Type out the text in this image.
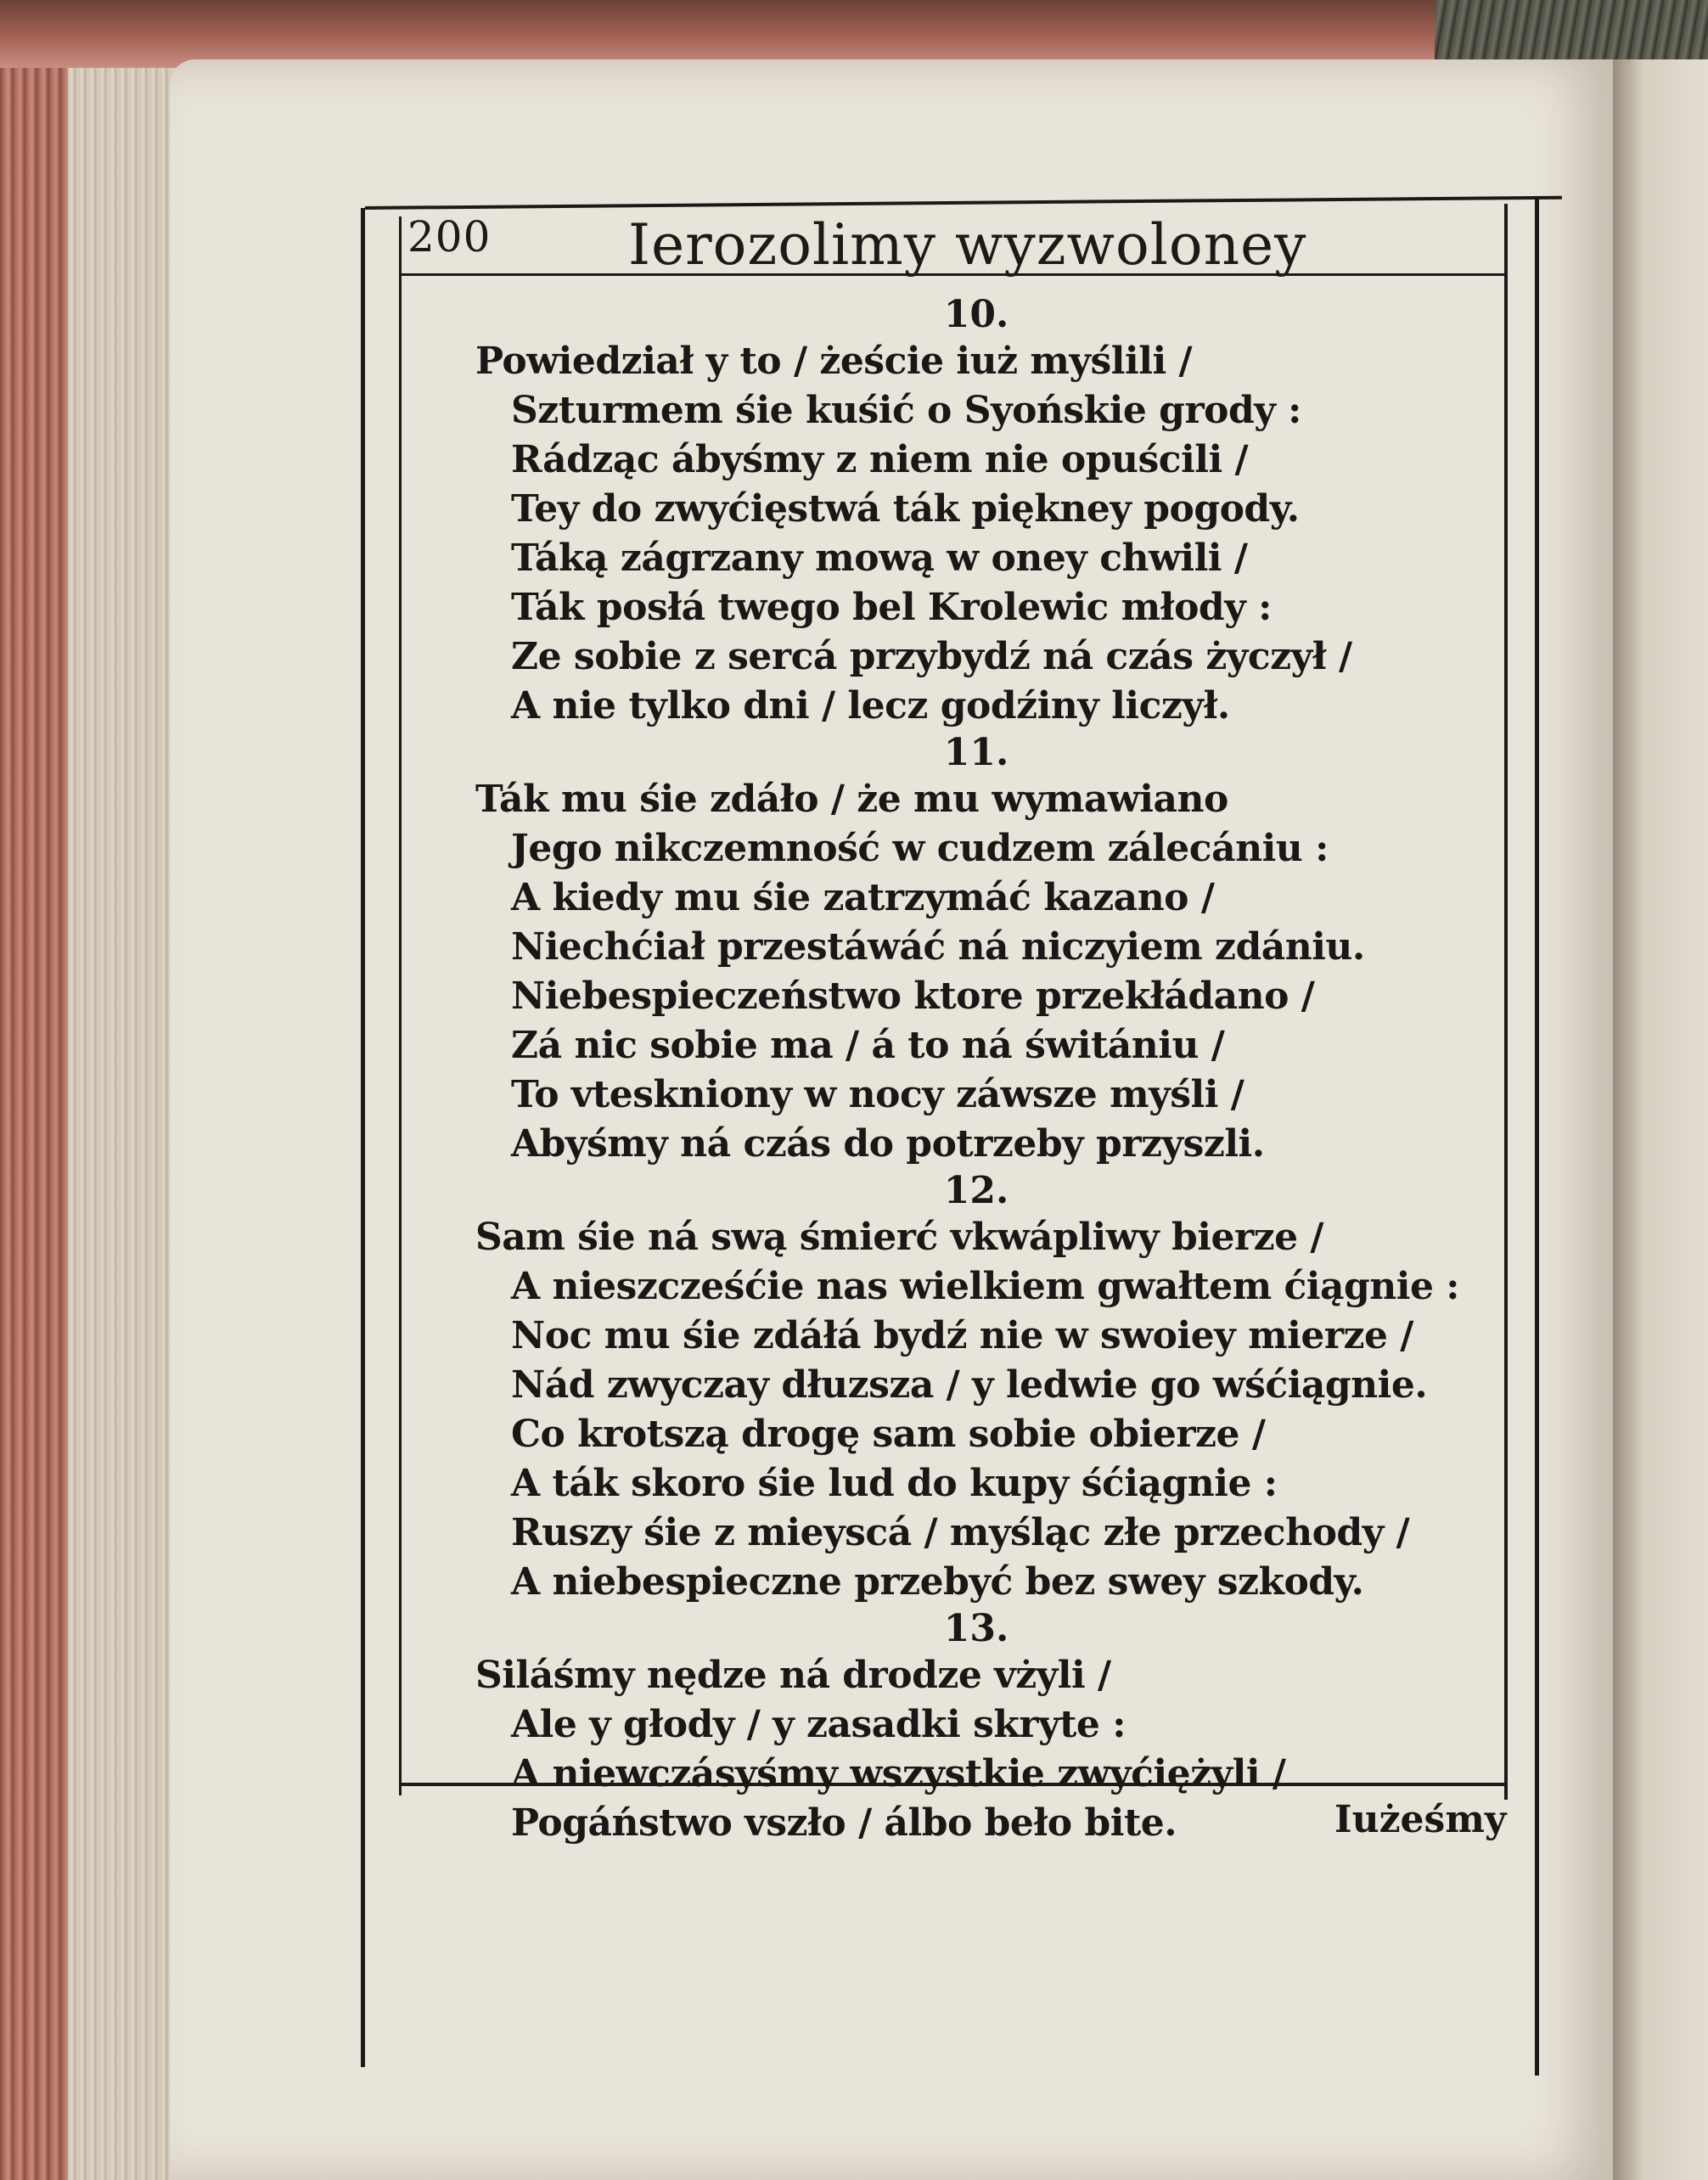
200 Ierozolimy wyzwoloney
10.
Powiedział y to / żeście iuż myślili /
Szturmem śie kuśić o Syońskie grody :
Rádząc ábyśmy z niem nie opuścili /
Tey do zwyćięstwá ták piękney pogody.
Táką zágrzany mową w oney chwili /
Ták posłá twego bel Krolewic młody :
Ze sobie z sercá przybydź ná czás życzył /
A nie tylko dni / lecz godźiny liczył.
11.
Ták mu śie zdáło / że mu wymawiano
Jego nikczemność w cudzem zálecániu :
A kiedy mu śie zatrzymáć kazano /
Niechćiał przestáwáć ná niczyiem zdániu.
Niebespieczeństwo ktore przekłádano /
Zá nic sobie ma / á to ná świtániu /
To vteskniony w nocy záwsze myśli /
Abyśmy ná czás do potrzeby przyszli.
12.
Sam śie ná swą śmierć vkwápliwy bierze /
A nieszcześćie nas wielkiem gwałtem ćiągnie :
Noc mu śie zdáłá bydź nie w swoiey mierze /
Nád zwyczay dłuzsza / y ledwie go wśćiągnie.
Co krotszą drogę sam sobie obierze /
A ták skoro śie lud do kupy śćiągnie :
Ruszy śie z mieyscá / myśląc złe przechody /
A niebespieczne przebyć bez swey szkody.
13.
Siláśmy nędze ná drodze vżyli /
Ale y głody / y zasadki skryte :
A niewczásyśmy wszystkie zwyćiężyli /
Pogáństwo vszło / álbo beło bite.	Iużeśmy
